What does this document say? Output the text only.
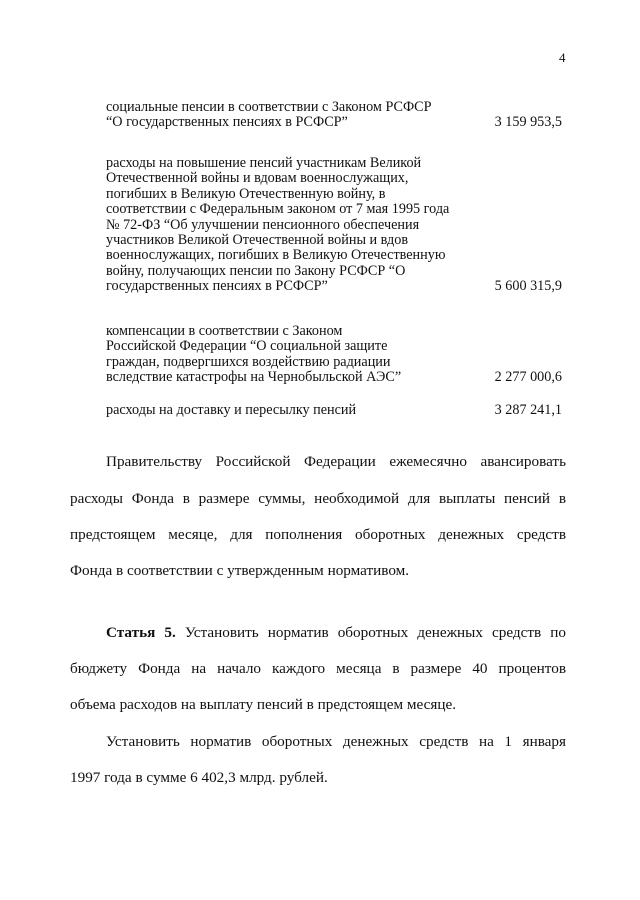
4
социальные пенсии в соответствии с Законом РСФСР
“О государственных пенсиях в РСФСР”	3 159 953,5
расходы на повышение пенсий участникам Великой
Отечественной войны и вдовам военнослужащих,
погибших в Великую Отечественную войну, в
соответствии с Федеральным законом от 7 мая 1995 года
№ 72-ФЗ “Об улучшении пенсионного обеспечения
участников Великой Отечественной войны и вдов
военнослужащих, погибших в Великую Отечественную
войну, получающих пенсии по Закону РСФСР “О
государственных пенсиях в РСФСР”	5 600 315,9
компенсации в соответствии с Законом
Российской Федерации “О социальной защите
граждан, подвергшихся воздействию радиации
вследствие катастрофы на Чернобыльской АЭС”	2 277 000,6
расходы на доставку и пересылку пенсий	3 287 241,1
Правительству Российской Федерации ежемесячно авансировать
расходы Фонда в размере суммы, необходимой для выплаты пенсий в
предстоящем месяце, для пополнения оборотных денежных средств
Фонда в соответствии с утвержденным нормативом.
Статья 5. Установить норматив оборотных денежных средств по
бюджету Фонда на начало каждого месяца в размере 40 процентов
объема расходов на выплату пенсий в предстоящем месяце.
Установить норматив оборотных денежных средств на 1 января
1997 года в сумме 6 402,3 млрд. рублей.
